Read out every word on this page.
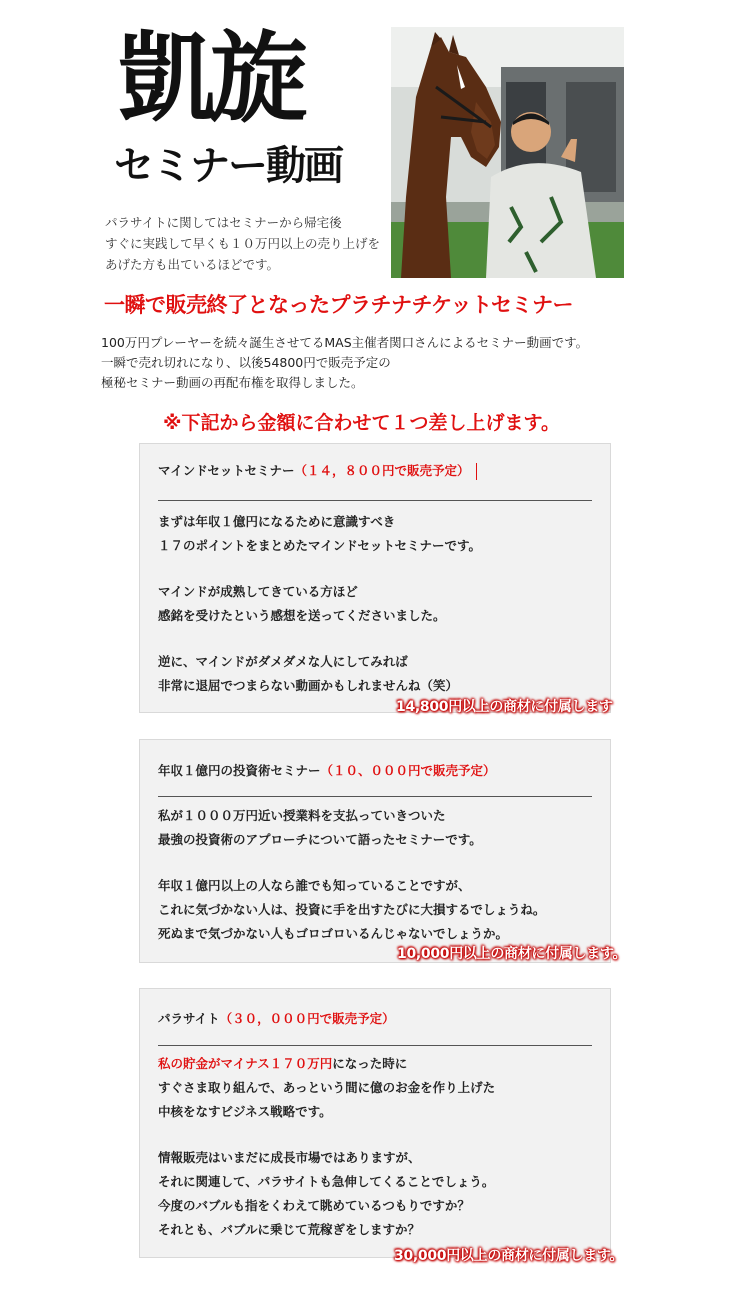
凱旋
セミナー動画
パラサイトに関してはセミナーから帰宅後
すぐに実践して早くも１０万円以上の売り上げを
あげた方も出ているほどです。
一瞬で販売終了となったプラチナチケットセミナー
100万円プレーヤーを続々誕生させてるMAS主催者関口さんによるセミナー動画です。
一瞬で売れ切れになり、以後54800円で販売予定の
極秘セミナー動画の再配布権を取得しました。
※下記から金額に合わせて１つ差し上げます。
マインドセットセミナー（１４，８００円で販売予定）
まずは年収１億円になるために意識すべき
１７のポイントをまとめたマインドセットセミナーです。
マインドが成熟してきている方ほど
感銘を受けたという感想を送ってくださいました。
逆に、マインドがダメダメな人にしてみれば
非常に退屈でつまらない動画かもしれませんね（笑）
14,800円以上の商材に付属します
年収１億円の投資術セミナー（１０、０００円で販売予定）
私が１０００万円近い授業料を支払っていきついた
最強の投資術のアプローチについて語ったセミナーです。
年収１億円以上の人なら誰でも知っていることですが、
これに気づかない人は、投資に手を出すたびに大損するでしょうね。
死ぬまで気づかない人もゴロゴロいるんじゃないでしょうか。
10,000円以上の商材に付属します。
パラサイト（３０，０００円で販売予定）
私の貯金がマイナス１７０万円になった時に
すぐさま取り組んで、あっという間に億のお金を作り上げた
中核をなすビジネス戦略です。
情報販売はいまだに成長市場ではありますが、
それに関連して、パラサイトも急伸してくることでしょう。
今度のバブルも指をくわえて眺めているつもりですか？
それとも、バブルに乗じて荒稼ぎをしますか？
30,000円以上の商材に付属します。
